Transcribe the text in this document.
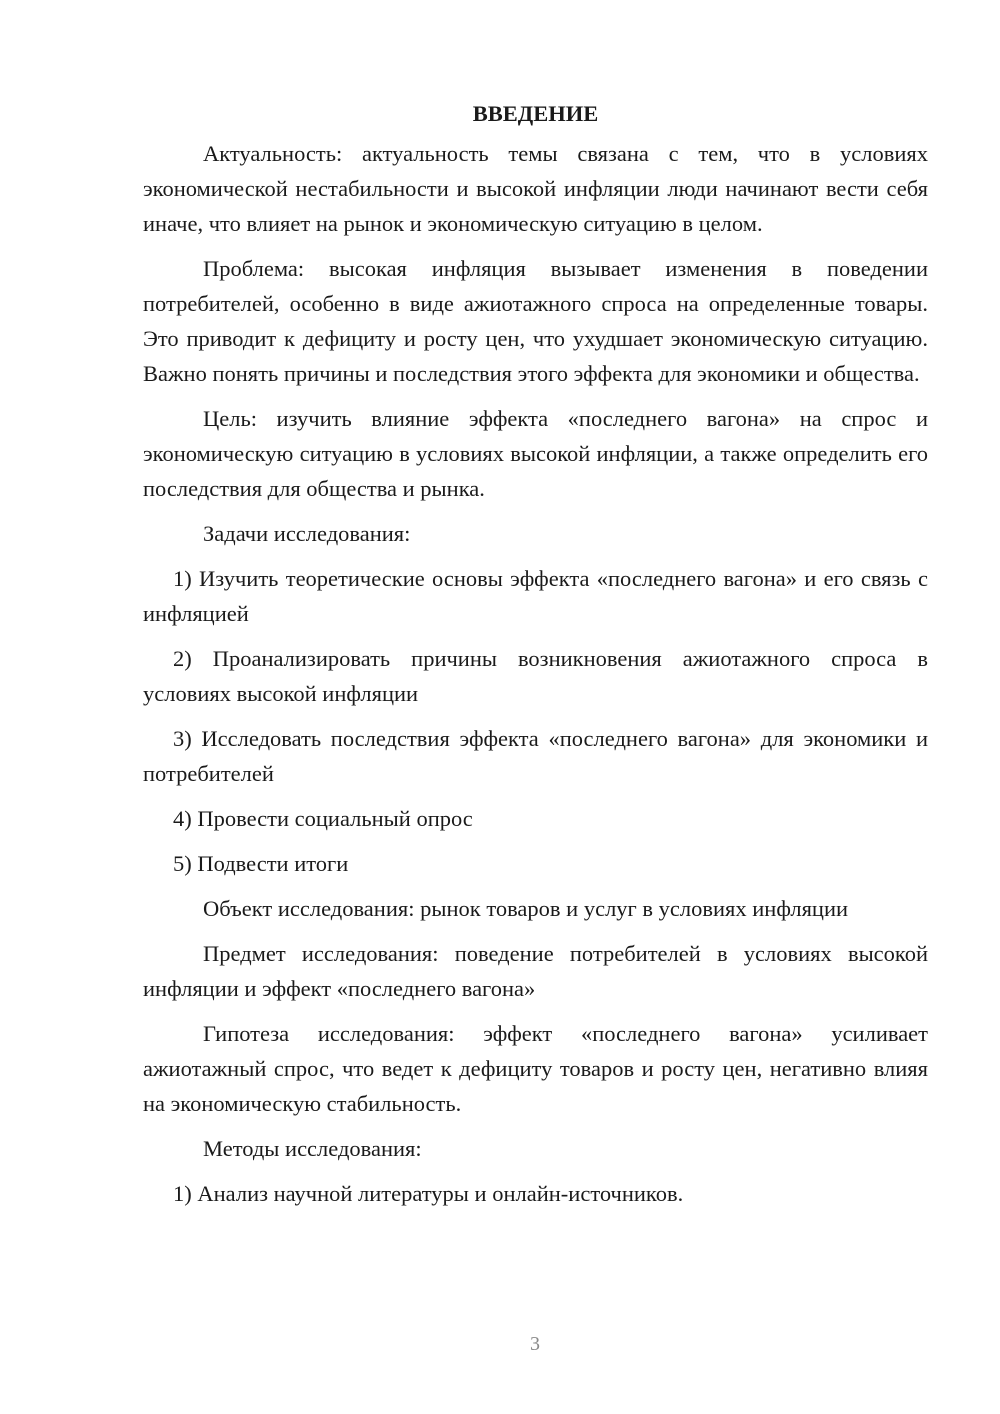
ВВЕДЕНИЕ

Актуальность: актуальность темы связана с тем, что в условиях экономической нестабильности и высокой инфляции люди начинают вести себя иначе, что влияет на рынок и экономическую ситуацию в целом.

Проблема: высокая инфляция вызывает изменения в поведении потребителей, особенно в виде ажиотажного спроса на определенные товары. Это приводит к дефициту и росту цен, что ухудшает экономическую ситуацию. Важно понять причины и последствия этого эффекта для экономики и общества.

Цель: изучить влияние эффекта «последнего вагона» на спрос и экономическую ситуацию в условиях высокой инфляции, а также определить его последствия для общества и рынка.

Задачи исследования:

1) Изучить теоретические основы эффекта «последнего вагона» и его связь с инфляцией

2) Проанализировать причины возникновения ажиотажного спроса в условиях высокой инфляции

3) Исследовать последствия эффекта «последнего вагона» для экономики и потребителей

4) Провести социальный опрос

5) Подвести итоги

Объект исследования: рынок товаров и услуг в условиях инфляции

Предмет исследования: поведение потребителей в условиях высокой инфляции и эффект «последнего вагона»

Гипотеза исследования: эффект «последнего вагона» усиливает ажиотажный спрос, что ведет к дефициту товаров и росту цен, негативно влияя на экономическую стабильность.

Методы исследования:

1) Анализ научной литературы и онлайн-источников.

3
